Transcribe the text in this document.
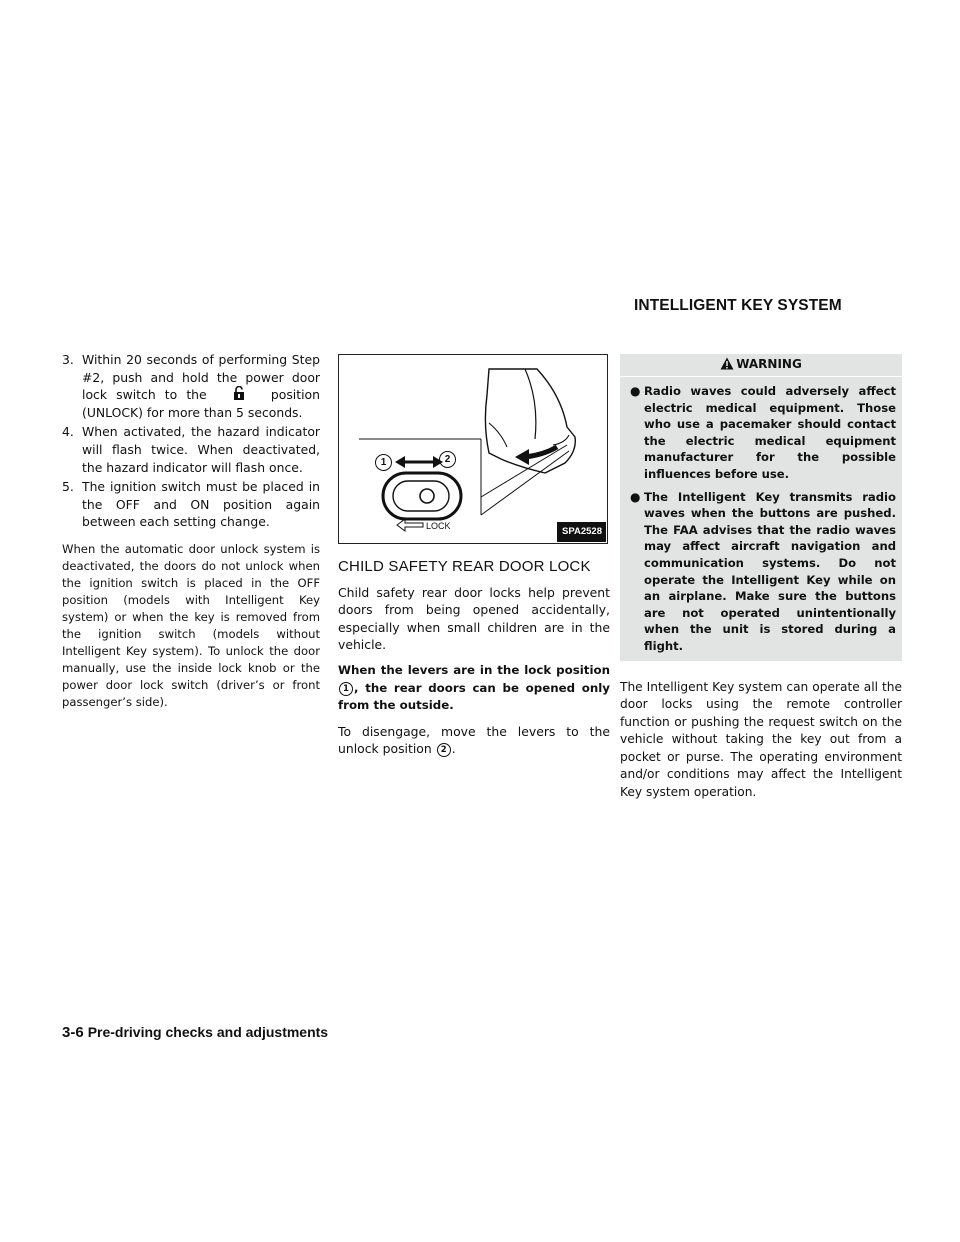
INTELLIGENT KEY SYSTEM
3. Within 20 seconds of performing Step #2, push and hold the power door lock switch to the	position (UNLOCK) for more than 5 seconds.
4. When activated, the hazard indicator will flash twice. When deactivated, the hazard indicator will flash once.
5. The ignition switch must be placed in the OFF and ON position again between each setting change.
When the automatic door unlock system is deactivated, the doors do not unlock when the ignition switch is placed in the OFF position (models with Intelligent Key system) or when the key is removed from the ignition switch (models without Intelligent Key system). To unlock the door manually, use the inside lock knob or the power door lock switch (driver’s or front passenger’s side).
1	2
LOCK
SPA2528
CHILD SAFETY REAR DOOR LOCK

Child safety rear door locks help prevent doors from being opened accidentally, especially when small children are in the vehicle.

When the levers are in the lock position1 , the rear doors can be opened only from the outside.

To disengage, move the levers to the unlock position 2 .

WARNING
● Radio waves could adversely affect electric medical equipment. Those who use a pacemaker should contact the electric medical equipment manufacturer for the possible influences before use.
● The Intelligent Key transmits radio waves when the buttons are pushed. The FAA advises that the radio waves may affect aircraft navigation and communication systems. Do not operate the Intelligent Key while on an airplane. Make sure the buttons are not operated unintentionally when the unit is stored during a flight.

The Intelligent Key system can operate all the door locks using the remote controller function or pushing the request switch on the vehicle without taking the key out from a pocket or purse. The operating environment and/or conditions may affect the Intelligent Key system operation.

3-6 Pre-driving checks and adjustments
